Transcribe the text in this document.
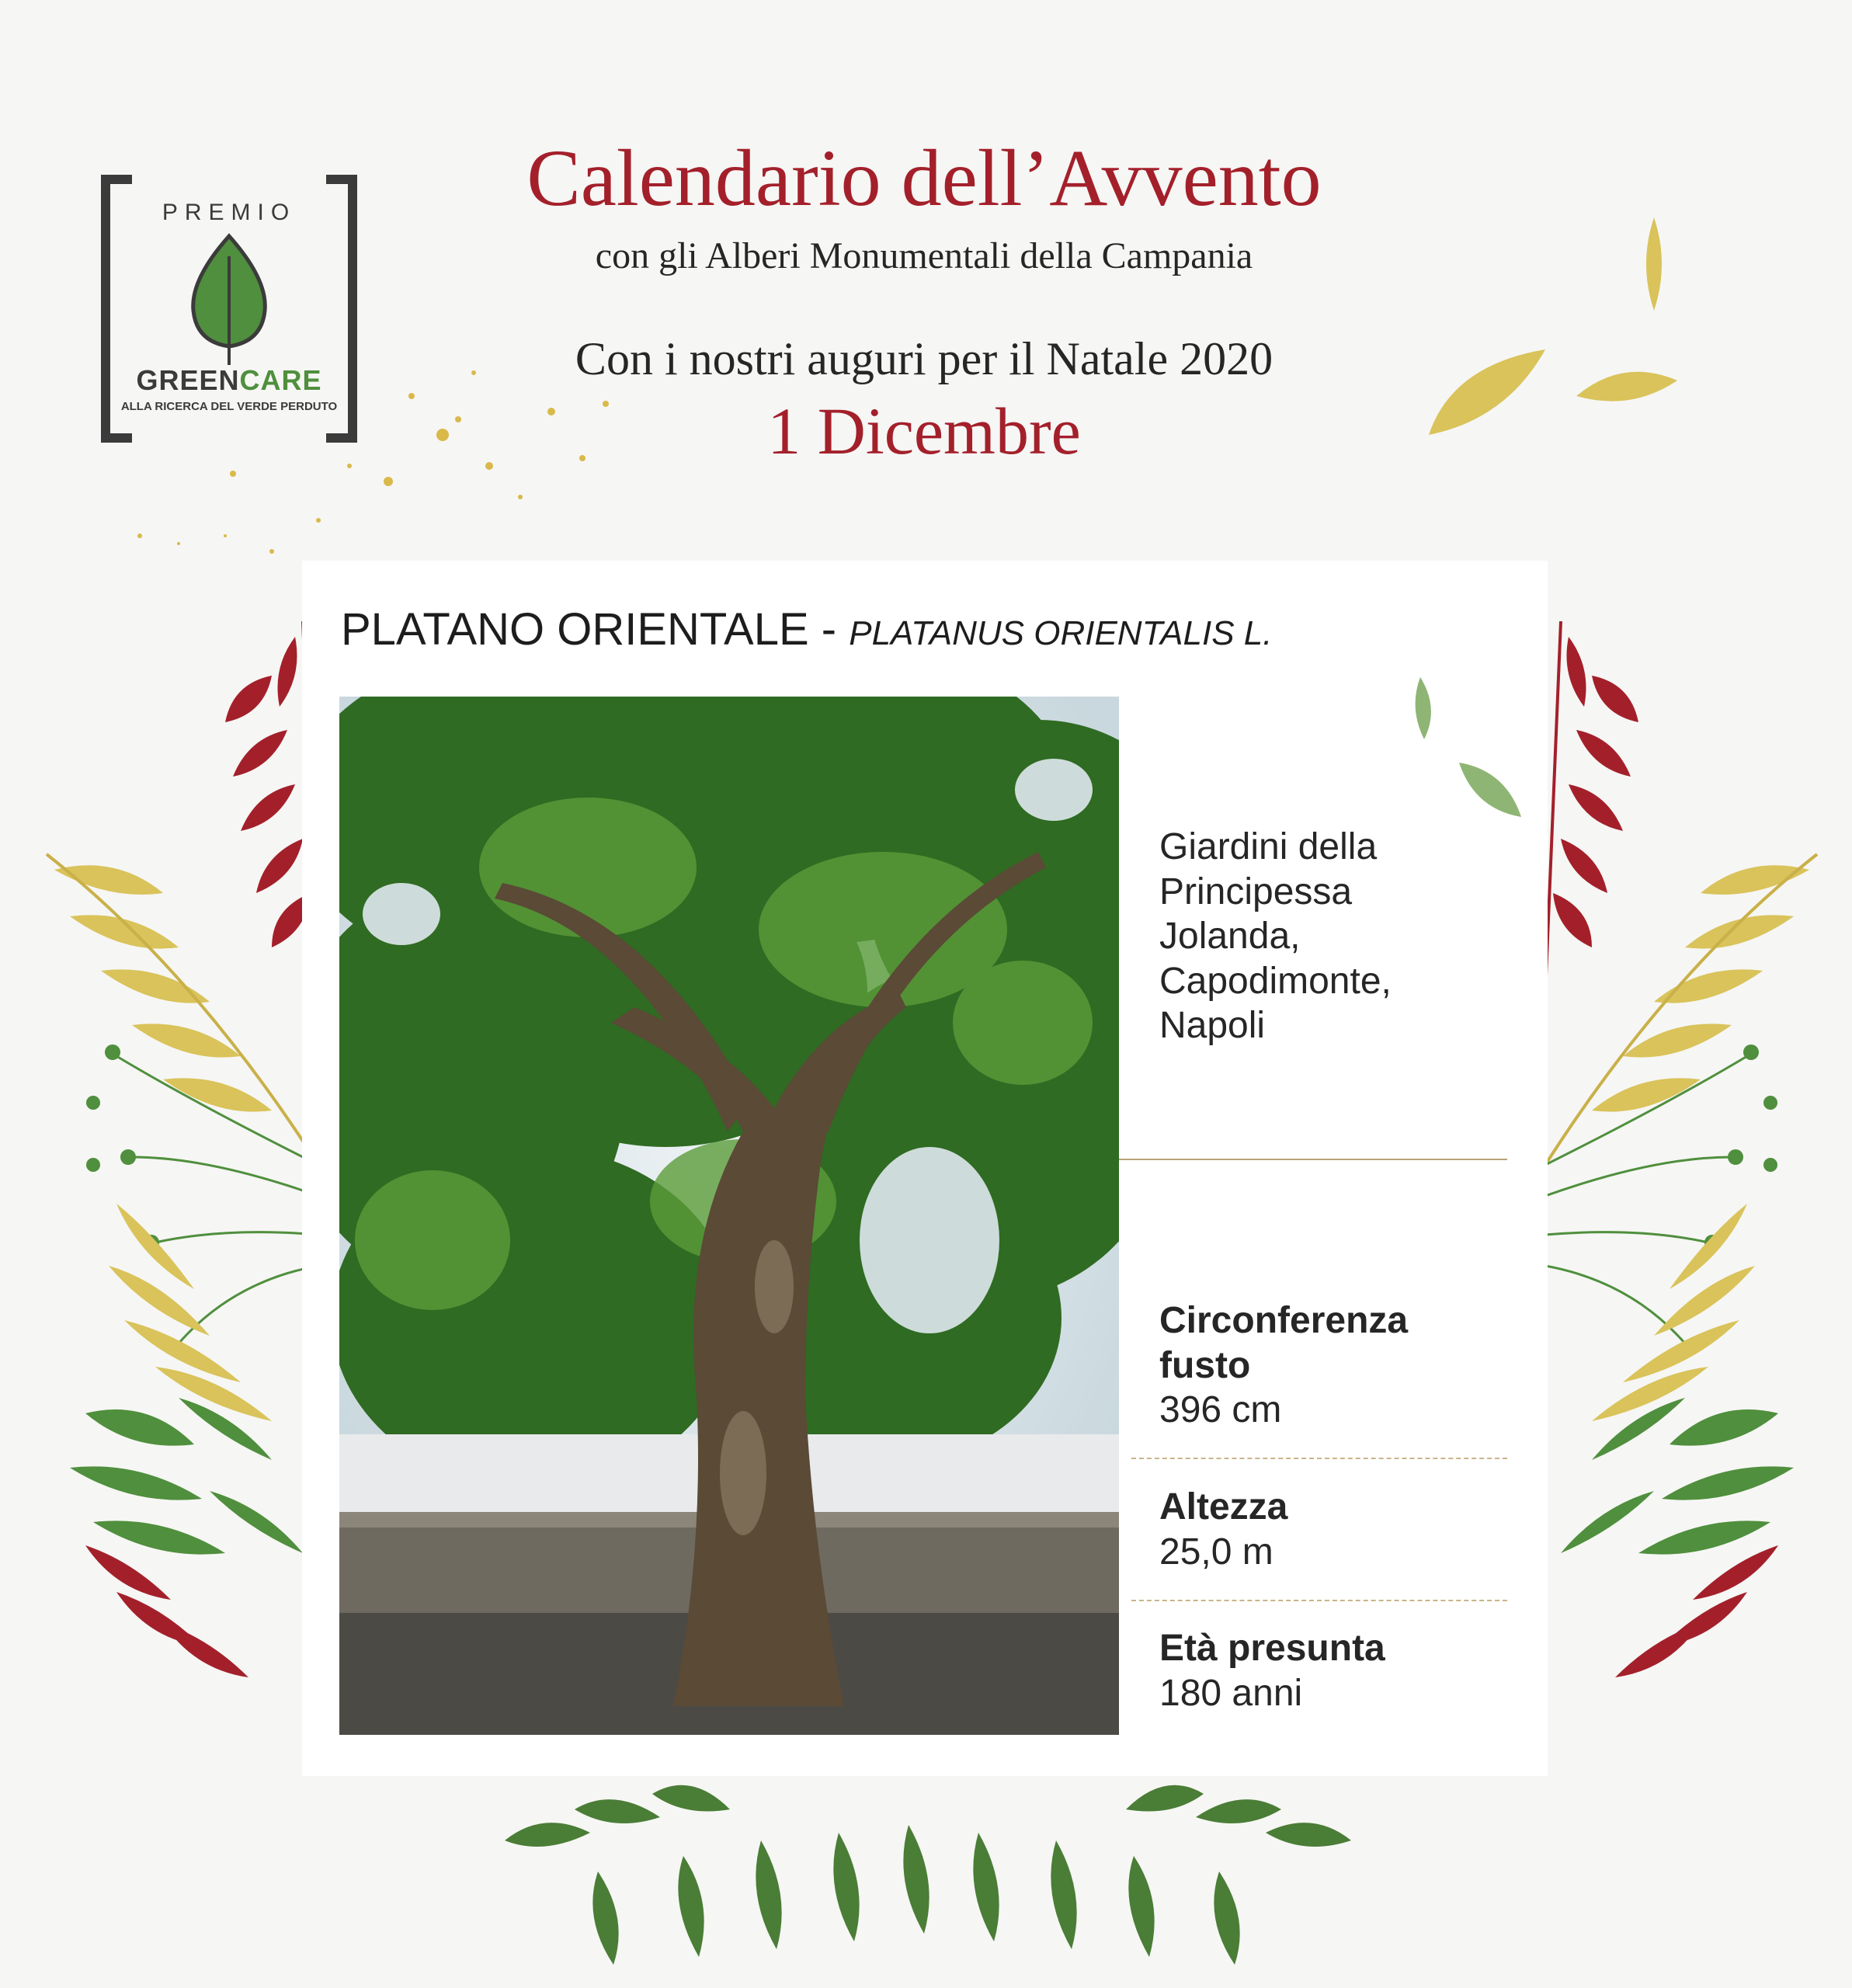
PREMIO
GREENCARE
ALLA RICERCA DEL VERDE PERDUTO
Calendario dell’Avvento
con gli Alberi Monumentali della Campania
Con i nostri auguri per il Natale 2020
1 Dicembre
PLATANO ORIENTALE - PLATANUS ORIENTALIS L.
Giardini della
Principessa
Jolanda,
Capodimonte,
Napoli
Circonferenza fusto
396 cm
Altezza
25,0 m
Età presunta
180 anni
